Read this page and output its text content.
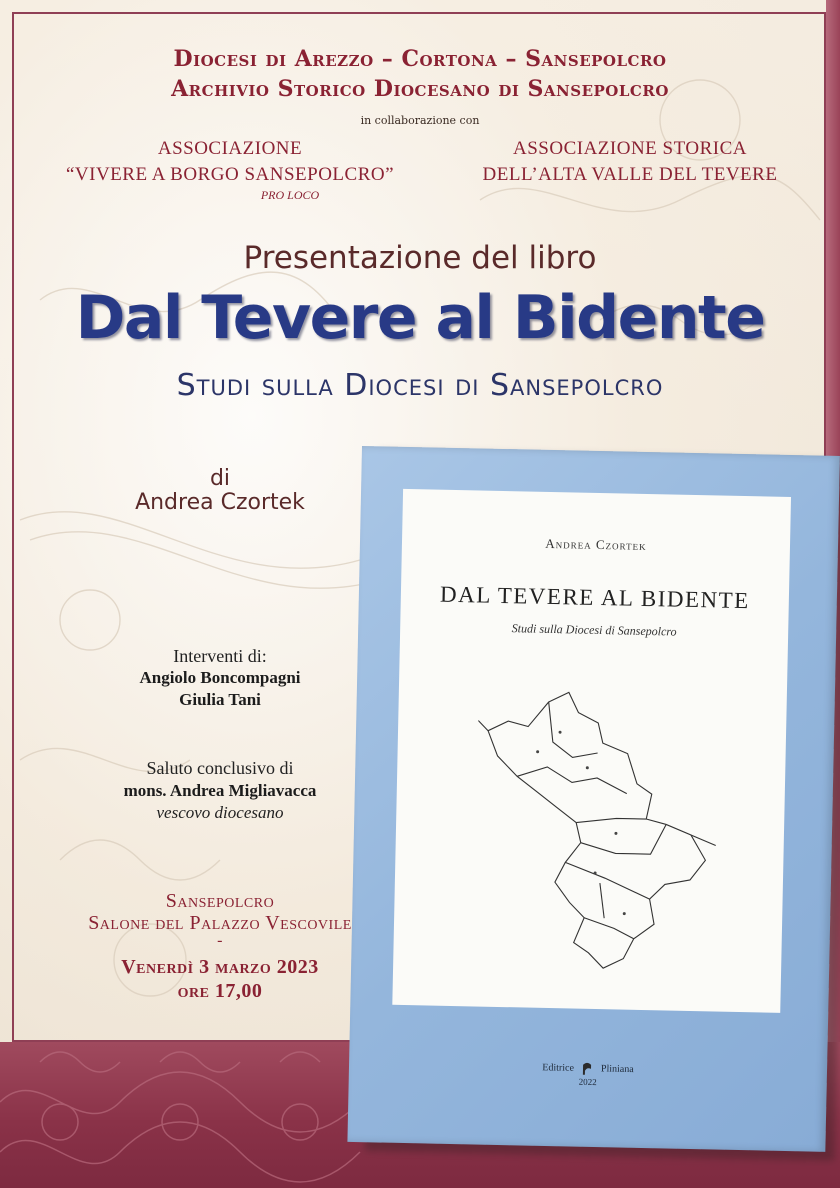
Diocesi di Arezzo – Cortona – Sansepolcro
Archivio Storico Diocesano di Sansepolcro
in collaborazione con
ASSOCIAZIONE
“VIVERE A BORGO SANSEPOLCRO”
PRO LOCO
ASSOCIAZIONE STORICA
DELL’ALTA VALLE DEL TEVERE
Presentazione del libro
Dal Tevere al Bidente
Studi sulla Diocesi di Sansepolcro
di
Andrea Czortek
Interventi di:
Angiolo Boncompagni
Giulia Tani
Saluto conclusivo di
mons. Andrea Migliavacca
vescovo diocesano
Sansepolcro
Salone del Palazzo Vescovile
-
Venerdì 3 marzo 2023
ore 17,00
Andrea Czortek
DAL TEVERE AL BIDENTE
Studi sulla Diocesi di Sansepolcro
Editrice	Pliniana
2022
